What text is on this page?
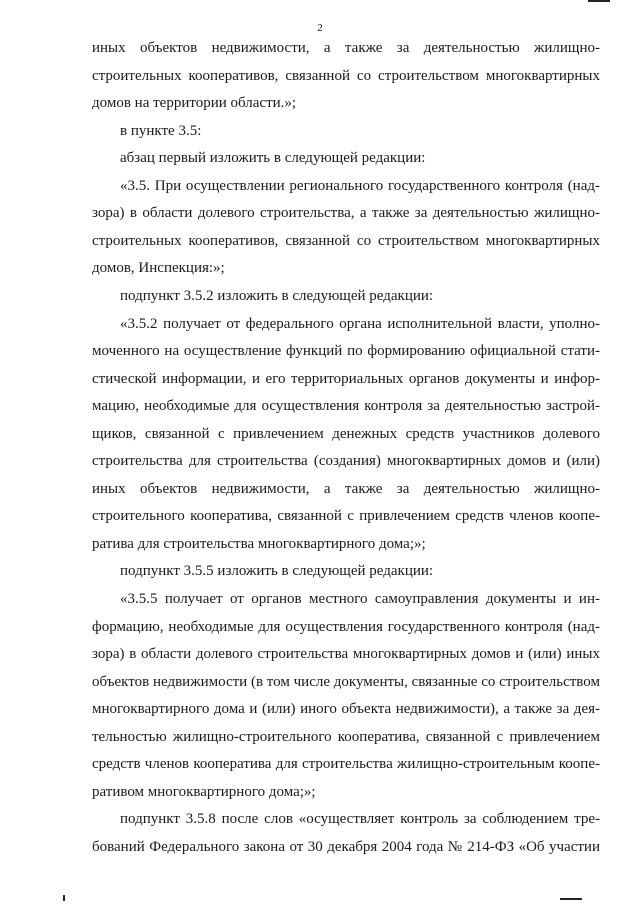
2
иных объектов недвижимости, а также за деятельностью жилищно-
строительных кооперативов, связанной со строительством многоквартирных
домов на территории области.»;
в пункте 3.5:
абзац первый изложить в следующей редакции:
«3.5. При осуществлении регионального государственного контроля (над-
зора) в области долевого строительства, а также за деятельностью жилищно-
строительных кооперативов, связанной со строительством многоквартирных
домов, Инспекция:»;
подпункт 3.5.2 изложить в следующей редакции:
«3.5.2 получает от федерального органа исполнительной власти, уполно-
моченного на осуществление функций по формированию официальной стати-
стической информации, и его территориальных органов документы и инфор-
мацию, необходимые для осуществления контроля за деятельностью застрой-
щиков, связанной с привлечением денежных средств участников долевого
строительства для строительства (создания) многоквартирных домов и (или)
иных объектов недвижимости, а также за деятельностью жилищно-
строительного кооператива, связанной с привлечением средств членов коопе-
ратива для строительства многоквартирного дома;»;
подпункт 3.5.5 изложить в следующей редакции:
«3.5.5 получает от органов местного самоуправления документы и ин-
формацию, необходимые для осуществления государственного контроля (над-
зора) в области долевого строительства многоквартирных домов и (или) иных
объектов недвижимости (в том числе документы, связанные со строительством
многоквартирного дома и (или) иного объекта недвижимости), а также за дея-
тельностью жилищно-строительного кооператива, связанной с привлечением
средств членов кооператива для строительства жилищно-строительным коопе-
ративом многоквартирного дома;»;
подпункт 3.5.8 после слов «осуществляет контроль за соблюдением тре-
бований Федерального закона от 30 декабря 2004 года № 214-ФЗ «Об участии
